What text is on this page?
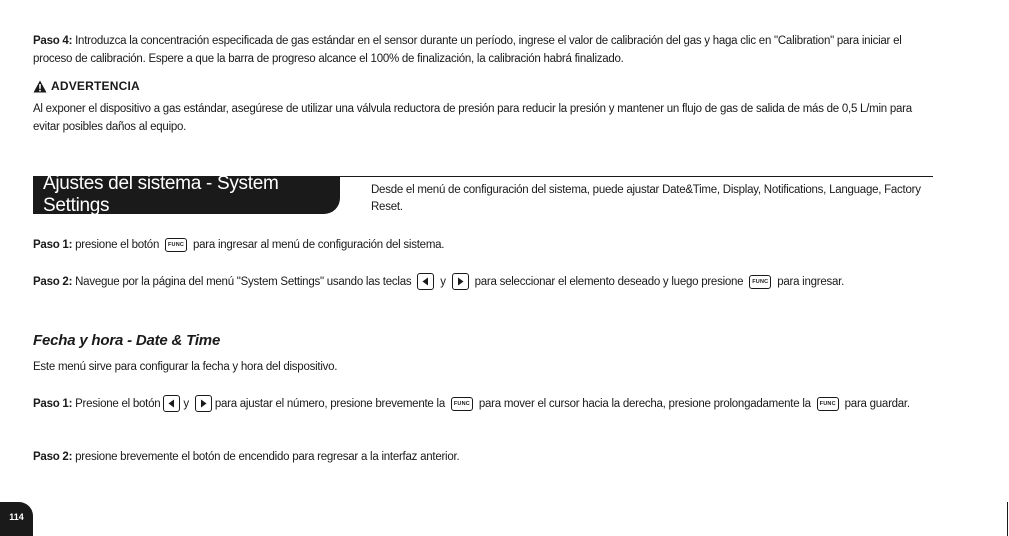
Paso 4: Introduzca la concentración especificada de gas estándar en el sensor durante un período, ingrese el valor de calibración del gas y haga clic en "Calibration" para iniciar el proceso de calibración. Espere a que la barra de progreso alcance el 100% de finalización, la calibración habrá finalizado.
ADVERTENCIA
Al exponer el dispositivo a gas estándar, asegúrese de utilizar una válvula reductora de presión para reducir la presión y mantener un flujo de gas de salida de más de 0,5 L/min para evitar posibles daños al equipo.
Ajustes del sistema - System Settings
Desde el menú de configuración del sistema, puede ajustar Date&Time, Display, Notifications, Language, Factory Reset.
Paso 1: presione el botón FUNC para ingresar al menú de configuración del sistema.
Paso 2: Navegue por la página del menú "System Settings" usando las teclas
y
para seleccionar el elemento deseado y luego presione FUNC para ingresar.
Fecha y hora - Date & Time
Este menú sirve para configurar la fecha y hora del dispositivo.
Paso 1: Presione el botón y
para ajustar el número, presione brevemente la FUNC para mover el cursor hacia la derecha, presione prolongadamente la FUNC para guardar.
Paso 2: presione brevemente el botón de encendido para regresar a la interfaz anterior.
114
